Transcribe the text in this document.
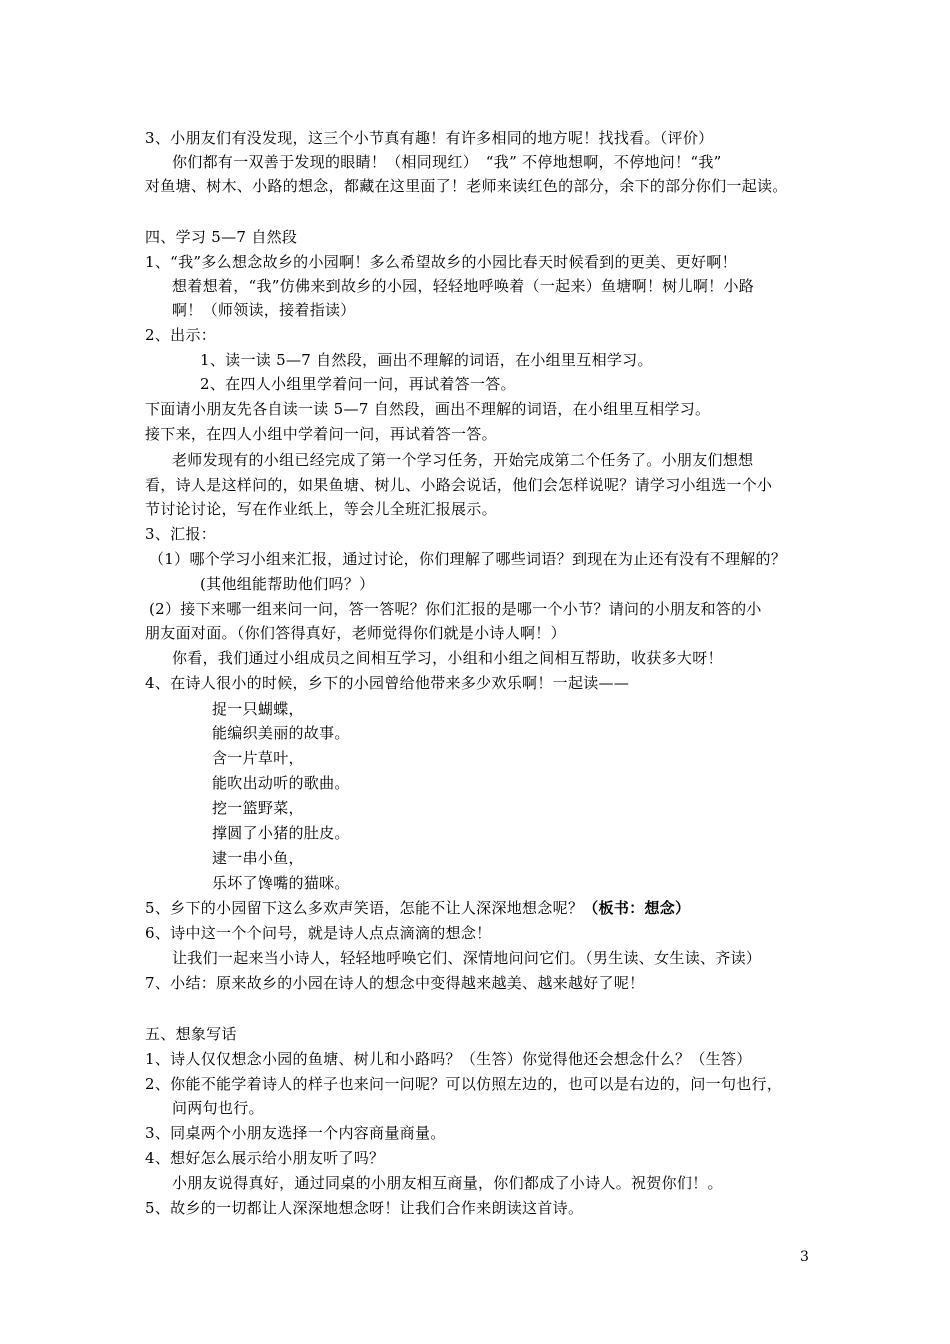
3、小朋友们有没发现，这三个小节真有趣！有许多相同的地方呢！找找看。（评价）
你们都有一双善于发现的眼睛！（相同现红）　“我” 不停地想啊，不停地问！“我”
对鱼塘、树木、小路的想念，都藏在这里面了！老师来读红色的部分，余下的部分你们一起读。
四、学习 5—7 自然段
1、“我”多么想念故乡的小园啊！多么希望故乡的小园比春天时候看到的更美、更好啊！
想着想着，“我”仿佛来到故乡的小园，轻轻地呼唤着（一起来）鱼塘啊！树儿啊！小路
啊！（师领读，接着指读）
2、出示：
1、读一读 5—7 自然段，画出不理解的词语，在小组里互相学习。
2、在四人小组里学着问一问，再试着答一答。
下面请小朋友先各自读一读 5—7 自然段，画出不理解的词语，在小组里互相学习。
接下来，在四人小组中学着问一问，再试着答一答。
老师发现有的小组已经完成了第一个学习任务，开始完成第二个任务了。小朋友们想想
看，诗人是这样问的，如果鱼塘、树儿、小路会说话，他们会怎样说呢？请学习小组选一个小
节讨论讨论，写在作业纸上，等会儿全班汇报展示。
3、汇报：
（1）哪个学习小组来汇报，通过讨论，你们理解了哪些词语？到现在为止还有没有不理解的？
(其他组能帮助他们吗？）
(2）接下来哪一组来问一问，答一答呢？你们汇报的是哪一个小节？请问的小朋友和答的小
朋友面对面。（你们答得真好，老师觉得你们就是小诗人啊！）
你看，我们通过小组成员之间相互学习，小组和小组之间相互帮助，收获多大呀！
4、在诗人很小的时候，乡下的小园曾给他带来多少欢乐啊！一起读——
捉一只蝴蝶，
能编织美丽的故事。
含一片草叶，
能吹出动听的歌曲。
挖一篮野菜，
撑圆了小猪的肚皮。
逮一串小鱼，
乐坏了馋嘴的猫咪。
5、乡下的小园留下这么多欢声笑语，怎能不让人深深地想念呢？（板书：想念）
6、诗中这一个个问号，就是诗人点点滴滴的想念！
让我们一起来当小诗人，轻轻地呼唤它们、深情地问问它们。（男生读、女生读、齐读）
7、小结：原来故乡的小园在诗人的想念中变得越来越美、越来越好了呢！
五、想象写话
1、诗人仅仅想念小园的鱼塘、树儿和小路吗？（生答）你觉得他还会想念什么？（生答）
2、你能不能学着诗人的样子也来问一问呢？可以仿照左边的，也可以是右边的，问一句也行，
问两句也行。
3、同桌两个小朋友选择一个内容商量商量。
4、想好怎么展示给小朋友听了吗？
小朋友说得真好，通过同桌的小朋友相互商量，你们都成了小诗人。祝贺你们！。
5、故乡的一切都让人深深地想念呀！让我们合作来朗读这首诗。
3
